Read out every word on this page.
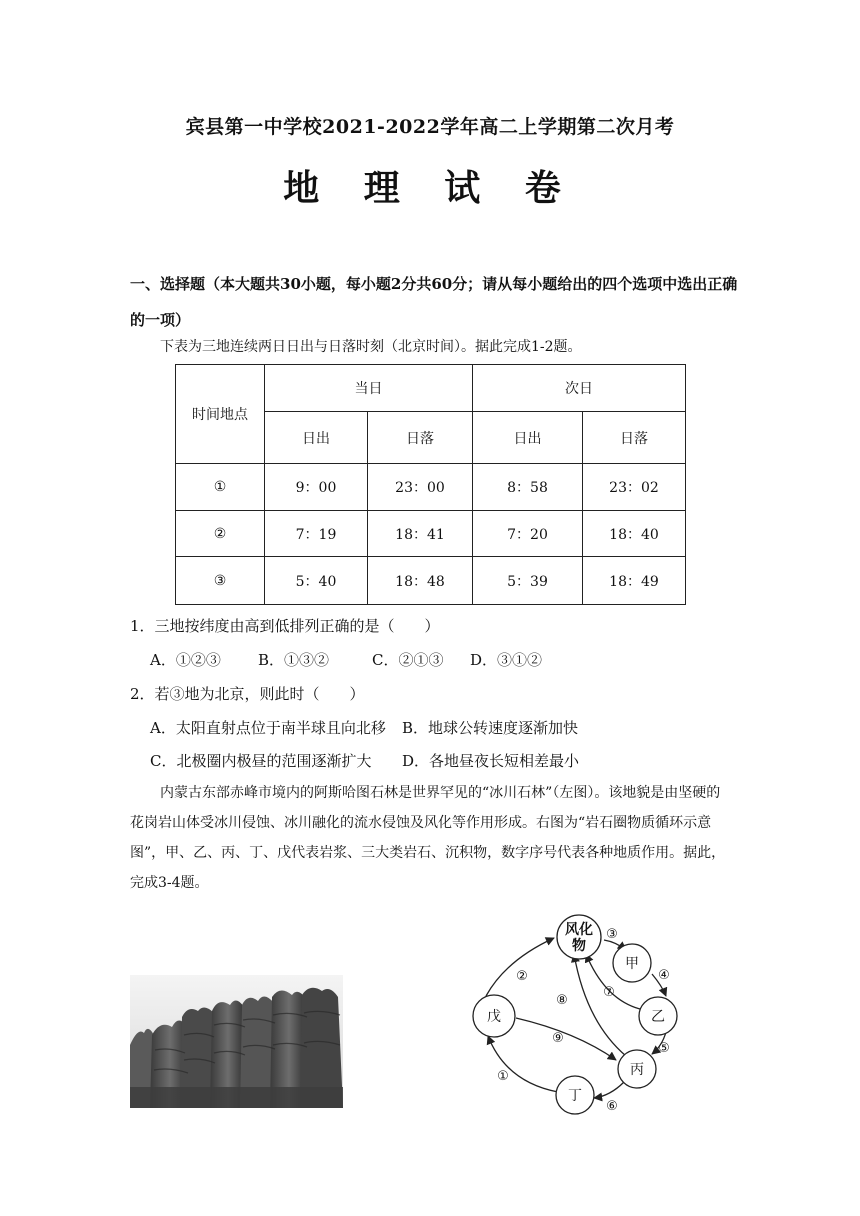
宾县第一中学校2021-2022学年高二上学期第二次月考
地 理 试 卷
一、选择题（本大题共30小题，每小题2分共60分；请从每小题给出的四个选项中选出正确的一项）
下表为三地连续两日日出与日落时刻（北京时间）。据此完成1-2题。
时间地点	当日		次日	
	日出	日落	日出	日落
①	9：00	23：00	8：58	23：02
②	7：19	18：41	7：20	18：40
③	5：40	18：48	5：39	18：49
1．三地按纬度由高到低排列正确的是（　　）
A．①②③ B．①③②	C．②①③ D．③①②
2．若③地为北京，则此时（　　）
A．太阳直射点位于南半球且向北移 B．地球公转速度逐渐加快
C．北极圈内极昼的范围逐渐扩大 D．各地昼夜长短相差最小
内蒙古东部赤峰市境内的阿斯哈图石林是世界罕见的“冰川石林”（左图）。该地貌是由坚硬的花岗岩山体受冰川侵蚀、冰川融化的流水侵蚀及风化等作用形成。右图为“岩石圈物质循环示意图”，甲、乙、丙、丁、戊代表岩浆、三大类岩石、沉积物，数字序号代表各种地质作用。据此，完成3-4题。
风化
物
甲
乙
丙
丁
戊
①
②
③
④
⑤
⑥
⑦
⑧
⑨
